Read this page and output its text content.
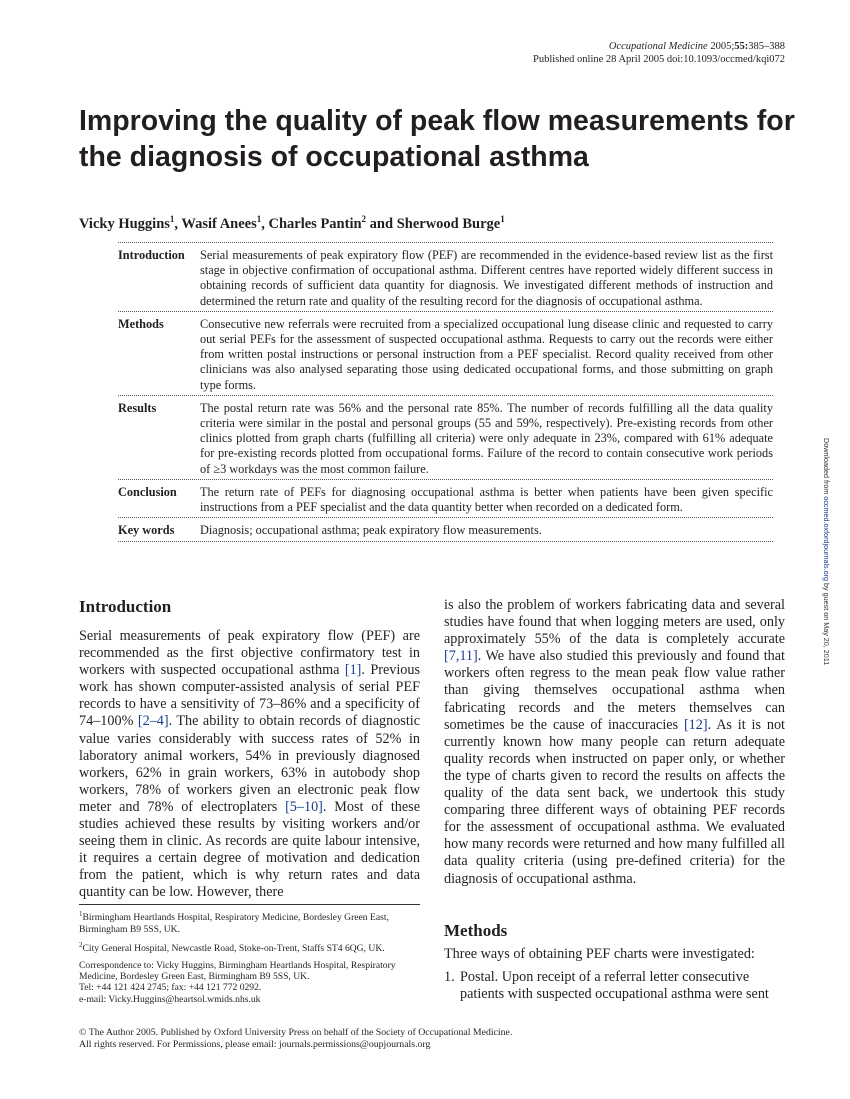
Occupational Medicine 2005;55:385–388
Published online 28 April 2005 doi:10.1093/occmed/kqi072
Improving the quality of peak flow measurements for the diagnosis of occupational asthma
Vicky Huggins$^1$, Wasif Anees$^1$, Charles Pantin$^2$ and Sherwood Burge$^1$
Introduction	Serial measurements of peak expiratory flow (PEF) are recommended in the evidence-based review list as the first stage in objective confirmation of occupational asthma. Different centres have reported widely different success in obtaining records of sufficient data quantity for diagnosis. We investigated different methods of instruction and determined the return rate and quality of the resulting record for the diagnosis of occupational asthma.
Methods	Consecutive new referrals were recruited from a specialized occupational lung disease clinic and requested to carry out serial PEFs for the assessment of suspected occupational asthma. Requests to carry out the records were either from written postal instructions or personal instruction from a PEF specialist. Record quality received from other clinicians was also analysed separating those using dedicated occupational forms, and those submitting on graph type forms.
Results	The postal return rate was 56% and the personal rate 85%. The number of records fulfilling all the data quality criteria were similar in the postal and personal groups (55 and 59%, respectively). Pre-existing records from other clinics plotted from graph charts (fulfilling all criteria) were only adequate in 23%, compared with 61% adequate for pre-existing records plotted from occupational forms. Failure of the record to contain consecutive work periods of ≥3 workdays was the most common failure.
Conclusion	The return rate of PEFs for diagnosing occupational asthma is better when patients have been given specific instructions from a PEF specialist and the data quantity better when recorded on a dedicated form.
Key words	Diagnosis; occupational asthma; peak expiratory flow measurements.
Introduction

Serial measurements of peak expiratory flow (PEF) are recommended as the first objective confirmatory test in workers with suspected occupational asthma [1]. Previous work has shown computer-assisted analysis of serial PEF records to have a sensitivity of 73–86% and a specificity of 74–100% [2–4]. The ability to obtain records of diagnostic value varies considerably with success rates of 52% in laboratory animal workers, 54% in previously diagnosed workers, 62% in grain workers, 63% in autobody shop workers, 78% of workers given an electronic peak flow meter and 78% of electroplaters [5–10]. Most of these studies achieved these results by visiting workers and/or seeing them in clinic. As records are quite labour intensive, it requires a certain degree of motivation and dedication from the patient, which is why return rates and data quantity can be low. However, there

is also the problem of workers fabricating data and several studies have found that when logging meters are used, only approximately 55% of the data is completely accurate [7,11]. We have also studied this previously and found that workers often regress to the mean peak flow value rather than giving themselves occupational asthma when fabricating records and the meters themselves can sometimes be the cause of inaccuracies [12]. As it is not currently known how many people can return adequate quality records when instructed on paper only, or whether the type of charts given to record the results on affects the quality of the data sent back, we undertook this study comparing three different ways of obtaining PEF records for the assessment of occupational asthma. We evaluated how many records were returned and how many fulfilled all data quality criteria (using pre-defined criteria) for the diagnosis of occupational asthma.

$^1$Birmingham Heartlands Hospital, Respiratory Medicine, Bordesley Green East, Birmingham B9 5SS, UK.

$^2$City General Hospital, Newcastle Road, Stoke-on-Trent, Staffs ST4 6QG, UK.

Correspondence to: Vicky Huggins, Birmingham Heartlands Hospital, Respiratory Medicine, Bordesley Green East, Birmingham B9 5SS, UK.
Tel: +44 121 424 2745; fax: +44 121 772 0292.
e-mail: Vicky.Huggins@heartsol.wmids.nhs.uk

Methods

Three ways of obtaining PEF charts were investigated:

1. Postal. Upon receipt of a referral letter consecutive patients with suspected occupational asthma were sent
© The Author 2005. Published by Oxford University Press on behalf of the Society of Occupational Medicine.
All rights reserved. For Permissions, please email: journals.permissions@oupjournals.org
Downloaded from occmed.oxfordjournals.org by guest on May 20, 2011
